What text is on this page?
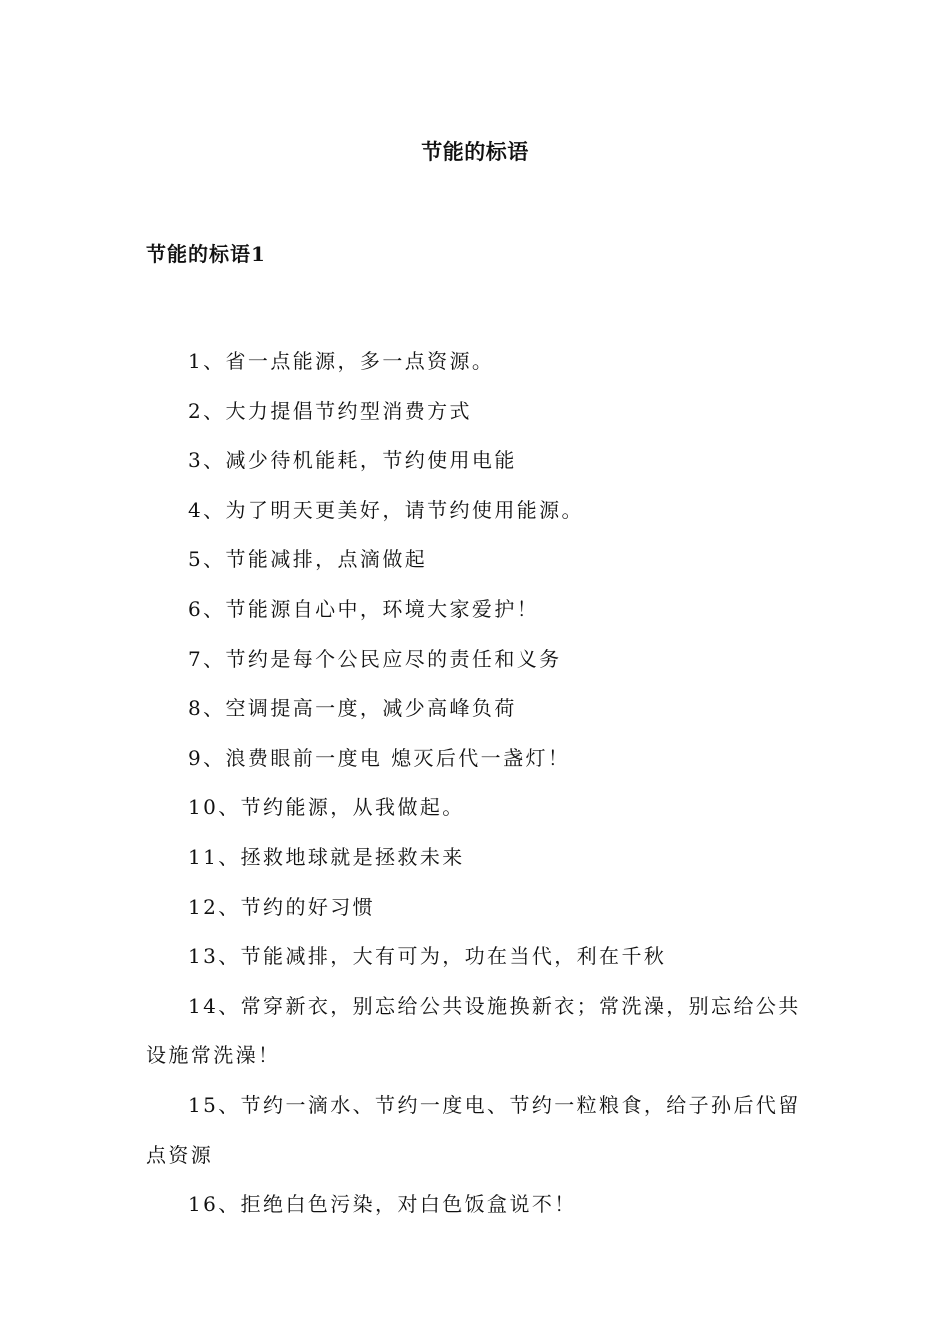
节能的标语
节能的标语1
1、省一点能源，多一点资源。
2、大力提倡节约型消费方式
3、减少待机能耗，节约使用电能
4、为了明天更美好，请节约使用能源。
5、节能减排，点滴做起
6、节能源自心中，环境大家爱护！
7、节约是每个公民应尽的责任和义务
8、空调提高一度，减少高峰负荷
9、浪费眼前一度电 熄灭后代一盏灯！
10、节约能源，从我做起。
11、拯救地球就是拯救未来
12、节约的好习惯
13、节能减排，大有可为，功在当代，利在千秋
14、常穿新衣，别忘给公共设施换新衣；常洗澡，别忘给公共设施常洗澡！
15、节约一滴水、节约一度电、节约一粒粮食，给子孙后代留点资源
16、拒绝白色污染，对白色饭盒说不！
